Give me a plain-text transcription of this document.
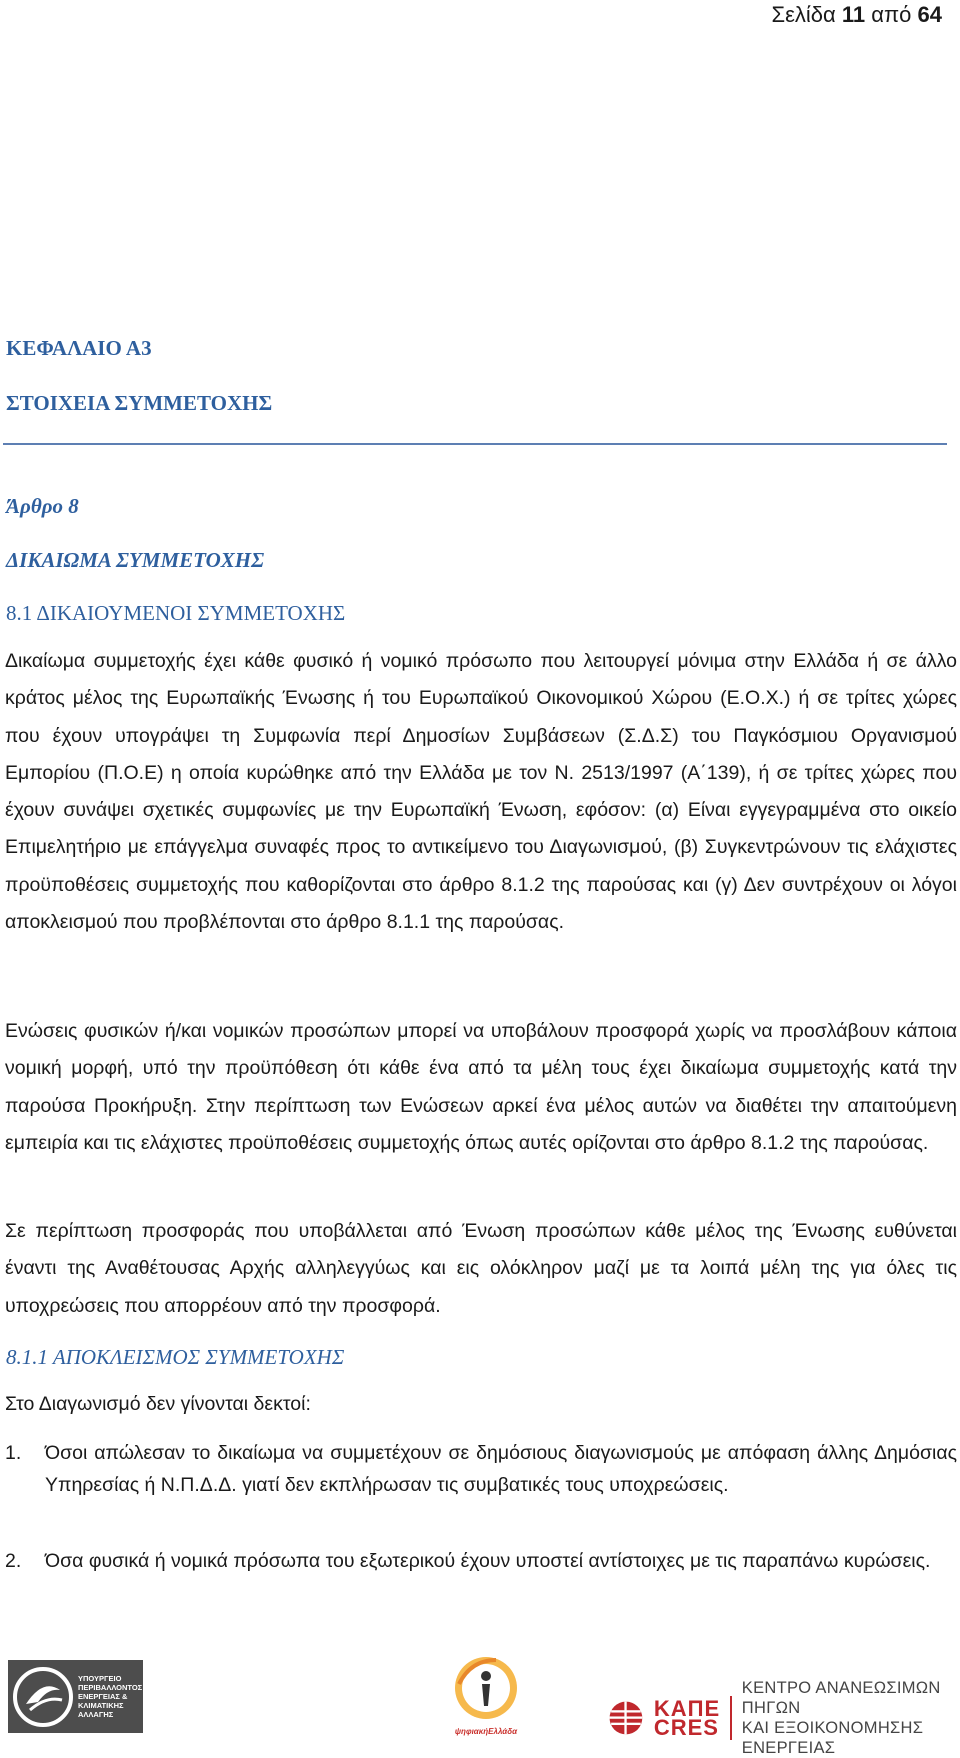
Σελίδα 11 από 64
ΚΕΦΑΛΑΙΟ Α3
ΣΤΟΙΧΕΙΑ ΣΥΜΜΕΤΟΧΗΣ
Άρθρο 8
ΔΙΚΑΙΩΜΑ ΣΥΜΜΕΤΟΧΗΣ
8.1 ΔΙΚΑΙΟΥΜΕΝΟΙ ΣΥΜΜΕΤΟΧΗΣ

Δικαίωμα συμμετοχής έχει κάθε φυσικό ή νομικό πρόσωπο που λειτουργεί μόνιμα στην Ελλάδα ή σε άλλο κράτος μέλος της Ευρωπαϊκής Ένωσης ή του Ευρωπαϊκού Οικονομικού Χώρου (Ε.Ο.Χ.) ή σε τρίτες χώρες που έχουν υπογράψει τη Συμφωνία περί Δημοσίων Συμβάσεων (Σ.Δ.Σ) του Παγκόσμιου Οργανισμού Εμπορίου (Π.Ο.Ε) η οποία κυρώθηκε από την Ελλάδα με τον Ν. 2513/1997 (Α΄139), ή σε τρίτες χώρες που έχουν συνάψει σχετικές συμφωνίες με την Ευρωπαϊκή Ένωση, εφόσον: (α) Είναι εγγεγραμμένα στο οικείο Επιμελητήριο με επάγγελμα συναφές προς το αντικείμενο του Διαγωνισμού, (β) Συγκεντρώνουν τις ελάχιστες προϋποθέσεις συμμετοχής που καθορίζονται στο άρθρο 8.1.2 της παρούσας και (γ) Δεν συντρέχουν οι λόγοι αποκλεισμού που προβλέπονται στο άρθρο 8.1.1 της παρούσας.

Ενώσεις φυσικών ή/και νομικών προσώπων μπορεί να υποβάλουν προσφορά χωρίς να προσλάβουν κάποια νομική μορφή, υπό την προϋπόθεση ότι κάθε ένα από τα μέλη τους έχει δικαίωμα συμμετοχής κατά την παρούσα Προκήρυξη. Στην περίπτωση των Ενώσεων αρκεί ένα μέλος αυτών να διαθέτει την απαιτούμενη εμπειρία και τις ελάχιστες προϋποθέσεις συμμετοχής όπως αυτές ορίζονται στο άρθρο 8.1.2 της παρούσας.

Σε περίπτωση προσφοράς που υποβάλλεται από Ένωση προσώπων κάθε μέλος της Ένωσης ευθύνεται έναντι της Αναθέτουσας Αρχής αλληλεγγύως και εις ολόκληρον μαζί με τα λοιπά μέλη της για όλες τις υποχρεώσεις που απορρέουν από την προσφορά.

8.1.1 ΑΠΟΚΛΕΙΣΜΟΣ ΣΥΜΜΕΤΟΧΗΣ

Στο Διαγωνισμό δεν γίνονται δεκτοί:

1. Όσοι απώλεσαν το δικαίωμα να συμμετέχουν σε δημόσιους διαγωνισμούς με απόφαση άλλης Δημόσιας Υπηρεσίας ή Ν.Π.Δ.Δ. γιατί δεν εκπλήρωσαν τις συμβατικές τους υποχρεώσεις.
2. Όσα φυσικά ή νομικά πρόσωπα του εξωτερικού έχουν υποστεί αντίστοιχες με τις παραπάνω κυρώσεις.
ΥΠΟΥΡΓΕΙΟ
ΠΕΡΙΒΑΛΛΟΝΤΟΣ
ΕΝΕΡΓΕΙΑΣ &
ΚΛΙΜΑΤΙΚΗΣ
ΑΛΛΑΓΗΣ
ψηφιακήΕλλάδα
ΚΑΠΕ
CRES
ΚΕΝΤΡΟ ΑΝΑΝΕΩΣΙΜΩΝ ΠΗΓΩΝ
ΚΑΙ ΕΞΟΙΚΟΝΟΜΗΣΗΣ ΕΝΕΡΓΕΙΑΣ
